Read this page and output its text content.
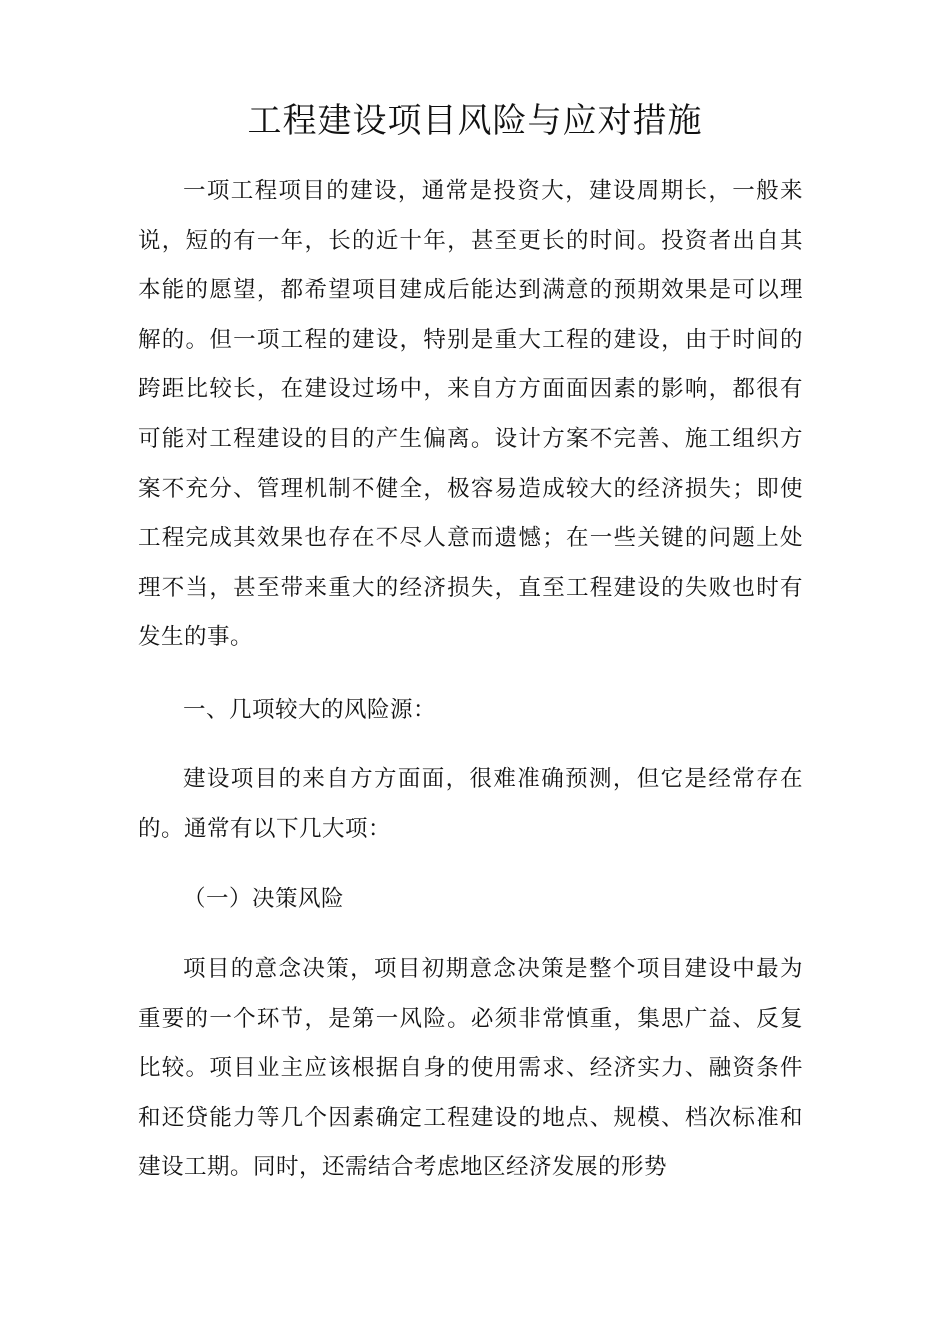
工程建设项目风险与应对措施

一项工程项目的建设，通常是投资大，建设周期长，一般来说，短的有一年，长的近十年，甚至更长的时间。投资者出自其本能的愿望，都希望项目建成后能达到满意的预期效果是可以理解的。但一项工程的建设，特别是重大工程的建设，由于时间的跨距比较长，在建设过场中，来自方方面面因素的影响，都很有可能对工程建设的目的产生偏离。设计方案不完善、施工组织方案不充分、管理机制不健全，极容易造成较大的经济损失；即使工程完成其效果也存在不尽人意而遗憾；在一些关键的问题上处理不当，甚至带来重大的经济损失，直至工程建设的失败也时有发生的事。

一、几项较大的风险源：

建设项目的来自方方面面，很难准确预测，但它是经常存在的。通常有以下几大项：

（一）决策风险

项目的意念决策，项目初期意念决策是整个项目建设中最为重要的一个环节，是第一风险。必须非常慎重，集思广益、反复比较。项目业主应该根据自身的使用需求、经济实力、融资条件和还贷能力等几个因素确定工程建设的地点、规模、档次标准和建设工期。同时，还需结合考虑地区经济发展的形势
